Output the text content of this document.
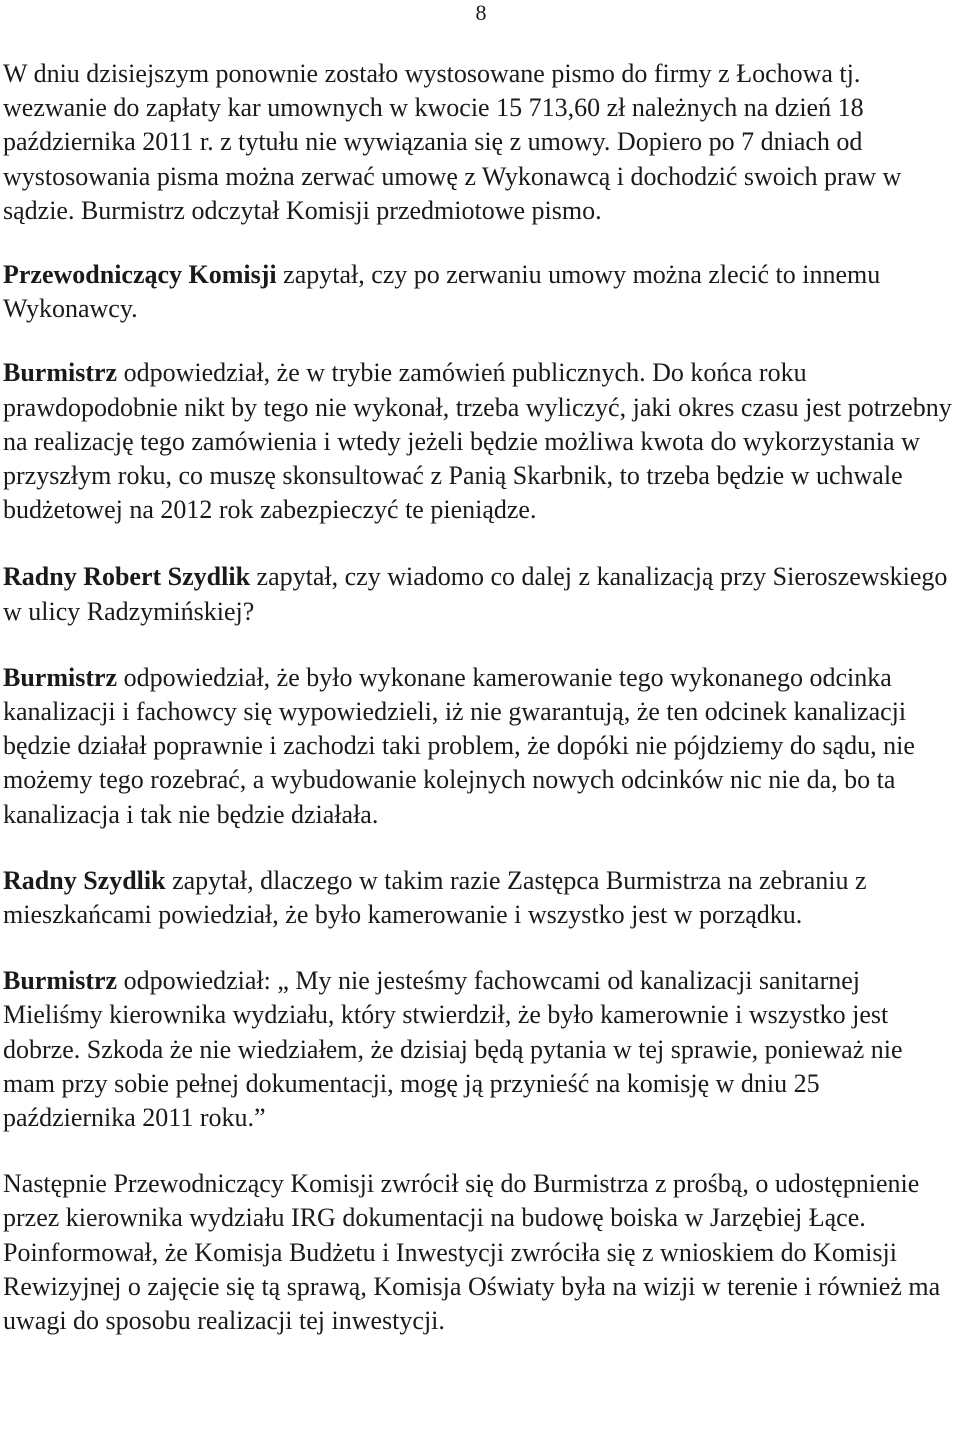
8

W dniu dzisiejszym ponownie zostało wystosowane pismo do firmy z Łochowa tj. wezwanie do zapłaty kar umownych w kwocie 15 713,60 zł należnych na dzień 18 października 2011 r. z tytułu nie wywiązania się z umowy. Dopiero po 7 dniach od wystosowania pisma można zerwać umowę z Wykonawcą i dochodzić swoich praw w sądzie. Burmistrz odczytał Komisji przedmiotowe pismo.

Przewodniczący Komisji zapytał, czy po zerwaniu umowy można zlecić to innemu Wykonawcy.

Burmistrz odpowiedział, że w trybie zamówień publicznych. Do końca roku prawdopodobnie nikt by tego nie wykonał, trzeba wyliczyć, jaki okres czasu jest potrzebny na realizację tego zamówienia i wtedy jeżeli będzie możliwa kwota do wykorzystania w przyszłym roku, co muszę skonsultować z Panią Skarbnik, to trzeba będzie w uchwale budżetowej na 2012 rok zabezpieczyć te pieniądze.

Radny Robert Szydlik zapytał, czy wiadomo co dalej z kanalizacją przy Sieroszewskiego w ulicy Radzymińskiej?

Burmistrz odpowiedział, że było wykonane kamerowanie tego wykonanego odcinka kanalizacji i fachowcy się wypowiedzieli, iż nie gwarantują, że ten odcinek kanalizacji będzie działał poprawnie i zachodzi taki problem, że dopóki nie pójdziemy do sądu, nie możemy tego rozebrać, a wybudowanie kolejnych nowych odcinków nic nie da, bo ta kanalizacja i tak nie będzie działała.

Radny Szydlik zapytał, dlaczego w takim razie Zastępca Burmistrza na zebraniu z mieszkańcami powiedział, że było kamerowanie i wszystko jest w porządku.

Burmistrz odpowiedział: „ My nie jesteśmy fachowcami od kanalizacji sanitarnej Mieliśmy kierownika wydziału, który stwierdził, że było kamerownie i wszystko jest dobrze. Szkoda że nie wiedziałem, że dzisiaj będą pytania w tej sprawie, ponieważ nie mam przy sobie pełnej dokumentacji, mogę ją przynieść na komisję w dniu 25 października 2011 roku.”

Następnie Przewodniczący Komisji zwrócił się do Burmistrza z prośbą, o udostępnienie przez kierownika wydziału IRG dokumentacji na budowę boiska w Jarzębiej Łące. Poinformował, że Komisja Budżetu i Inwestycji zwróciła się z wnioskiem do Komisji Rewizyjnej o zajęcie się tą sprawą, Komisja Oświaty była na wizji w terenie i również ma uwagi do sposobu realizacji tej inwestycji.
